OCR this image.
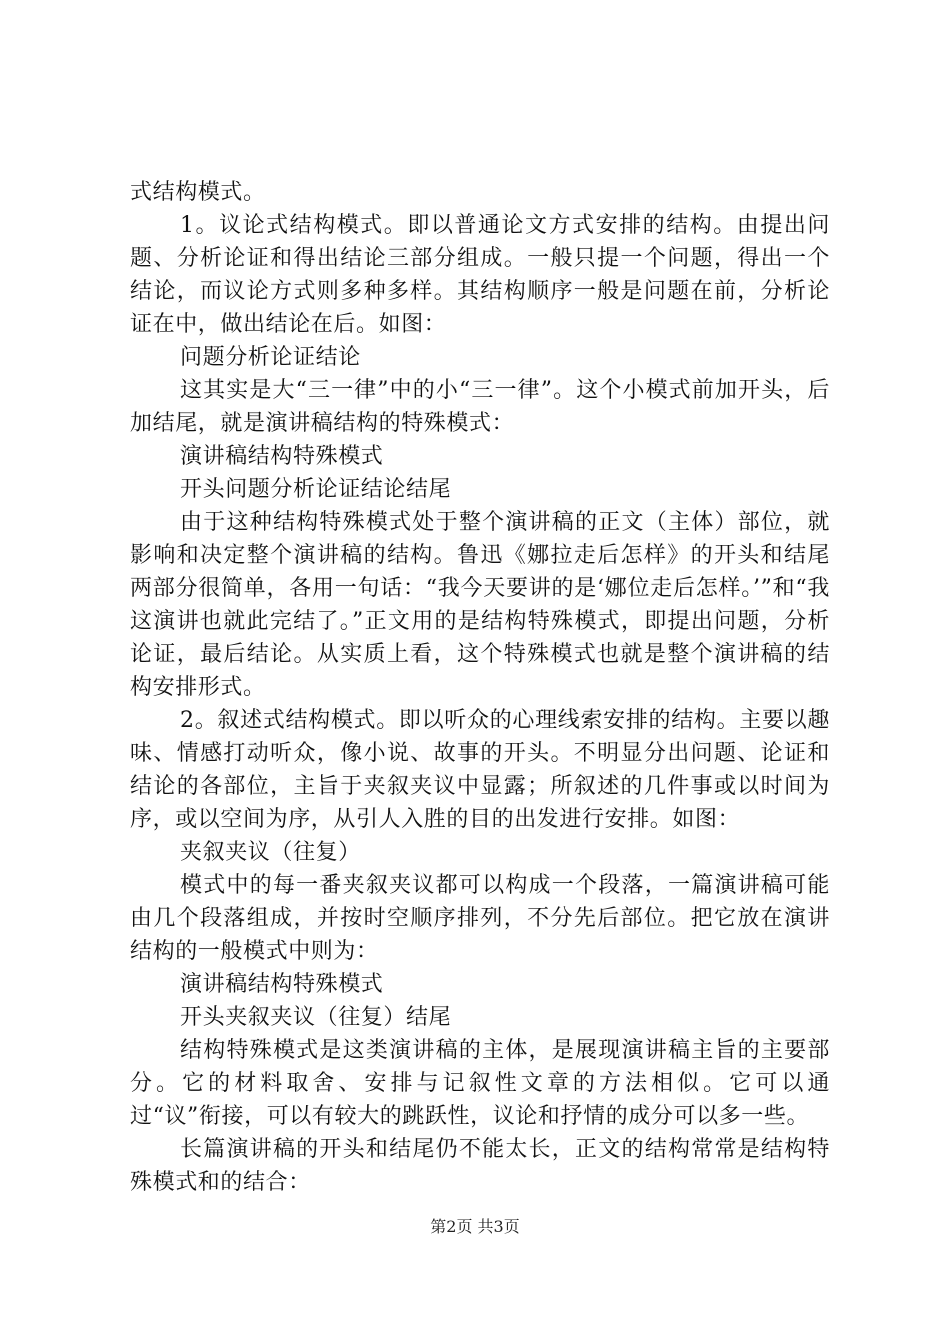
式结构模式。

1。议论式结构模式。即以普通论文方式安排的结构。由提出问题、分析论证和得出结论三部分组成。一般只提一个问题，得出一个结论，而议论方式则多种多样。其结构顺序一般是问题在前，分析论证在中，做出结论在后。如图：

问题分析论证结论

这其实是大“三一律”中的小“三一律”。这个小模式前加开头，后加结尾，就是演讲稿结构的特殊模式：

演讲稿结构特殊模式

开头问题分析论证结论结尾

由于这种结构特殊模式处于整个演讲稿的正文（主体）部位，就影响和决定整个演讲稿的结构。鲁迅《娜拉走后怎样》的开头和结尾两部分很简单，各用一句话：“我今天要讲的是‘娜位走后怎样。’”和“我这演讲也就此完结了。”正文用的是结构特殊模式，即提出问题，分析论证，最后结论。从实质上看，这个特殊模式也就是整个演讲稿的结构安排形式。

2。叙述式结构模式。即以听众的心理线索安排的结构。主要以趣味、情感打动听众，像小说、故事的开头。不明显分出问题、论证和结论的各部位，主旨于夹叙夹议中显露；所叙述的几件事或以时间为序，或以空间为序，从引人入胜的目的出发进行安排。如图：

夹叙夹议（往复）

模式中的每一番夹叙夹议都可以构成一个段落，一篇演讲稿可能由几个段落组成，并按时空顺序排列，不分先后部位。把它放在演讲结构的一般模式中则为：

演讲稿结构特殊模式

开头夹叙夹议（往复）结尾

结构特殊模式是这类演讲稿的主体，是展现演讲稿主旨的主要部分。它的材料取舍、安排与记叙性文章的方法相似。它可以通过“议”衔接，可以有较大的跳跃性，议论和抒情的成分可以多一些。

长篇演讲稿的开头和结尾仍不能太长，正文的结构常常是结构特殊模式和的结合：

第2页 共3页
